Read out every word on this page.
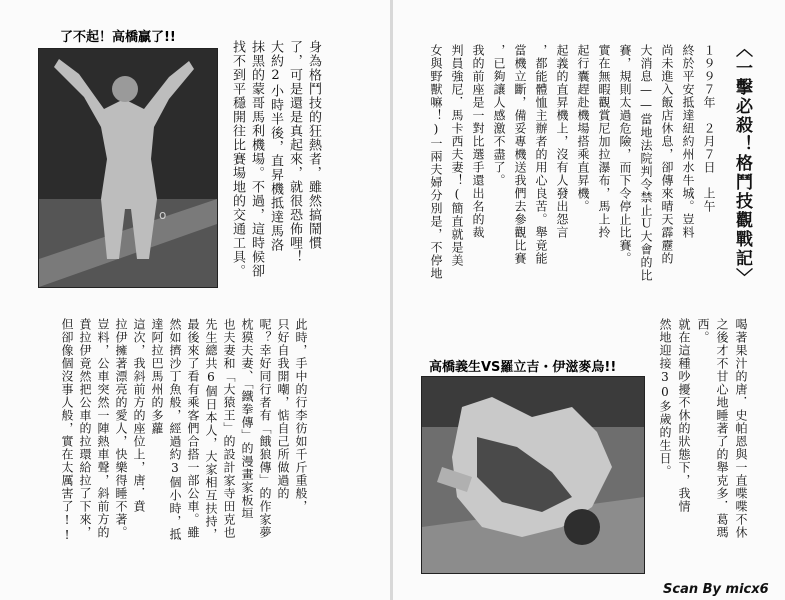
了不起！高橋贏了!!
o	身為格鬥技的狂熱者，雖然搞鬧慣
了，可是還是真起來，就很恐佈哩！
大約2小時半後，直昇機抵達馬洛
抹黑的蒙哥馬利機場。不過，這時候卻
找不到平穩開往比賽場地的交通工具。
此時，手中的行李彷如千斤重般，
只好自我開嘲，惦自己所做過的
呢？幸好同行者有「餓狼傳」的作家夢
枕獏夫妻、「鐵拳傳」的漫畫家板垣
也夫妻和「大猿王」的設計家寺田克也
先生總共6個日本人，大家相互扶持，
最後來了看有乘客們合搭一部公車。雖
然如擠沙丁魚般，經過約3個小時，抵
達阿拉巴馬州的多蘿
這次，我斜前方的座位上，唐．賁
拉伊擁著漂亮的愛人，快樂得睡不著。
豈料，公車突然一陣熱車聲，斜前方的
賁拉伊竟然把公車的拉環給拉了下來，
但卻像個沒事人般，實在太厲害了!!
〈一擊必殺！格鬥技觀戰記〉
１９９７年　２月７日　上午
終於平安抵達紐約州水牛城。豈料
尚未進入飯店休息，卻傳來晴天霹靂的
大消息——當地法院判令禁止Ｕ大會的比
賽，規則太過危險，而下令停止比賽。
實在無暇觀賞尼加拉瀑布，馬上拎
起行囊趕赴機場搭乘直昇機。
起義的直昇機上，沒有人發出怨言
，都能體恤主辦者的用心良苦。舉竟能
當機立斷，備妥專機送我們去參觀比賽
，已夠讓人感激不盡了。
我的前座是一對比選手還出名的裁
判員強尼．馬卡西夫妻！(簡直就是美
女與野獸嘛！)一兩夫婦分別是，不停地
喝著果汁的唐．史帕恩與一直喋喋不休
之後才不甘心地睡著了的舉克多．葛瑪
西。
就在這種吵擾不休的狀態下，我情
然地迎接30多歲的生日。
高橋義生VS羅立吉・伊滋麥烏!!
Scan By micx6
